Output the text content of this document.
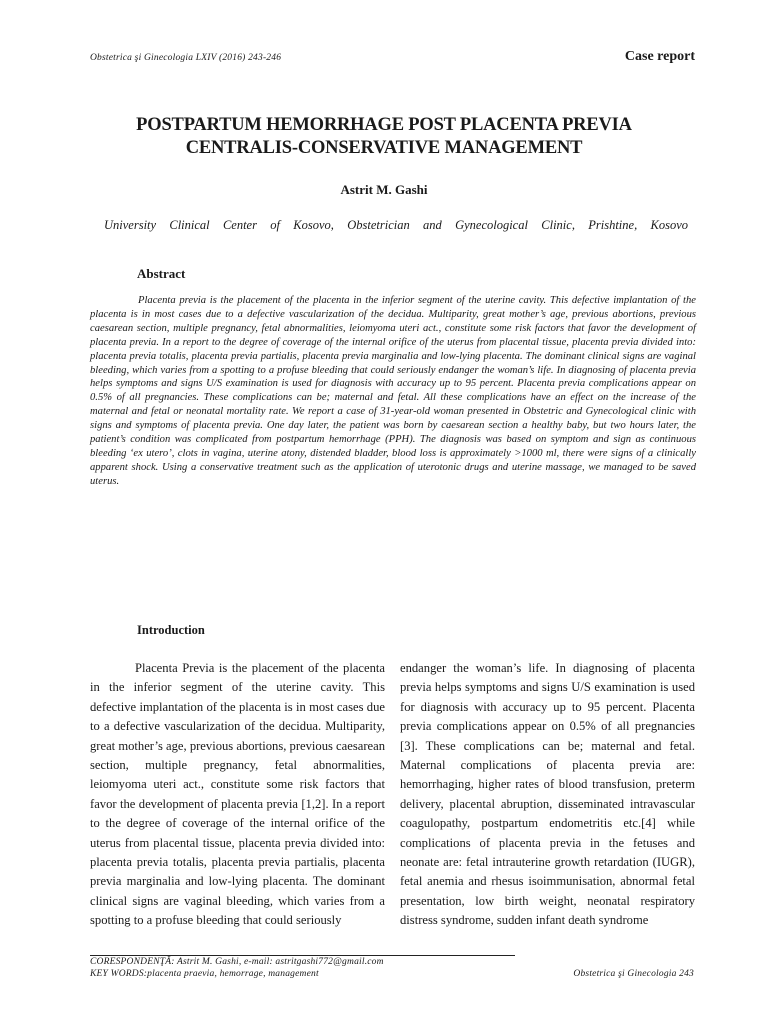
Obstetrica şi Ginecologia LXIV (2016) 243-246	Case report
POSTPARTUM HEMORRHAGE POST PLACENTA PREVIA
CENTRALIS-CONSERVATIVE MANAGEMENT
Astrit M. Gashi
University Clinical Center of Kosovo, Obstetrician and Gynecological Clinic, Prishtine, Kosovo
Abstract
Placenta previa is the placement of the placenta in the inferior segment of the uterine cavity. This defective implantation of the placenta is in most cases due to a defective vascularization of the decidua. Multiparity, great mother’s age, previous abortions, previous caesarean section, multiple pregnancy, fetal abnormalities, leiomyoma uteri act., constitute some risk factors that favor the development of placenta previa. In a report to the degree of coverage of the internal orifice of the uterus from placental tissue, placenta previa divided into: placenta previa totalis, placenta previa partialis, placenta previa marginalia and low-lying placenta. The dominant clinical signs are vaginal bleeding, which varies from a spotting to a profuse bleeding that could seriously endanger the woman’s life. In diagnosing of placenta previa helps symptoms and signs U/S examination is used for diagnosis with accuracy up to 95 percent. Placenta previa complications appear on 0.5% of all pregnancies. These complications can be; maternal and fetal. All these complications have an effect on the increase of the maternal and fetal or neonatal mortality rate. We report a case of 31-year-old woman presented in Obstetric and Gynecological clinic with signs and symptoms of placenta previa. One day later, the patient was born by caesarean section a healthy baby, but two hours later, the patient’s condition was complicated from postpartum hemorrhage (PPH). The diagnosis was based on symptom and sign as continuous bleeding ‘ex utero’, clots in vagina, uterine atony, distended bladder, blood loss is approximately >1000 ml, there were signs of a clinically apparent shock. Using a conservative treatment such as the application of uterotonic drugs and uterine massage, we managed to be saved uterus.
Introduction
Placenta Previa is the placement of the placenta in the inferior segment of the uterine cavity. This defective implantation of the placenta is in most cases due to a defective vascularization of the decidua. Multiparity, great mother’s age, previous abortions, previous caesarean section, multiple pregnancy, fetal abnormalities, leiomyoma uteri act., constitute some risk factors that favor the development of placenta previa [1,2]. In a report to the degree of coverage of the internal orifice of the uterus from placental tissue, placenta previa divided into: placenta previa totalis, placenta previa partialis, placenta previa marginalia and low-lying placenta. The dominant clinical signs are vaginal bleeding, which varies from a spotting to a profuse bleeding that could seriously
endanger the woman’s life. In diagnosing of placenta previa helps symptoms and signs U/S examination is used for diagnosis with accuracy up to 95 percent. Placenta previa complications appear on 0.5% of all pregnancies [3]. These complications can be; maternal and fetal. Maternal complications of placenta previa are: hemorrhaging, higher rates of blood transfusion, preterm delivery, placental abruption, disseminated intravascular coagulopathy, postpartum endometritis etc.[4] while complications of placenta previa in the fetuses and neonate are: fetal intrauterine growth retardation (IUGR), fetal anemia and rhesus isoimmunisation, abnormal fetal presentation, low birth weight, neonatal respiratory distress syndrome, sudden infant death syndrome
CORESPONDENŢĂ: Astrit M. Gashi, e-mail: astritgashi772@gmail.com
KEY WORDS:placenta praevia, hemorrage, management	Obstetrica şi Ginecologia 243
